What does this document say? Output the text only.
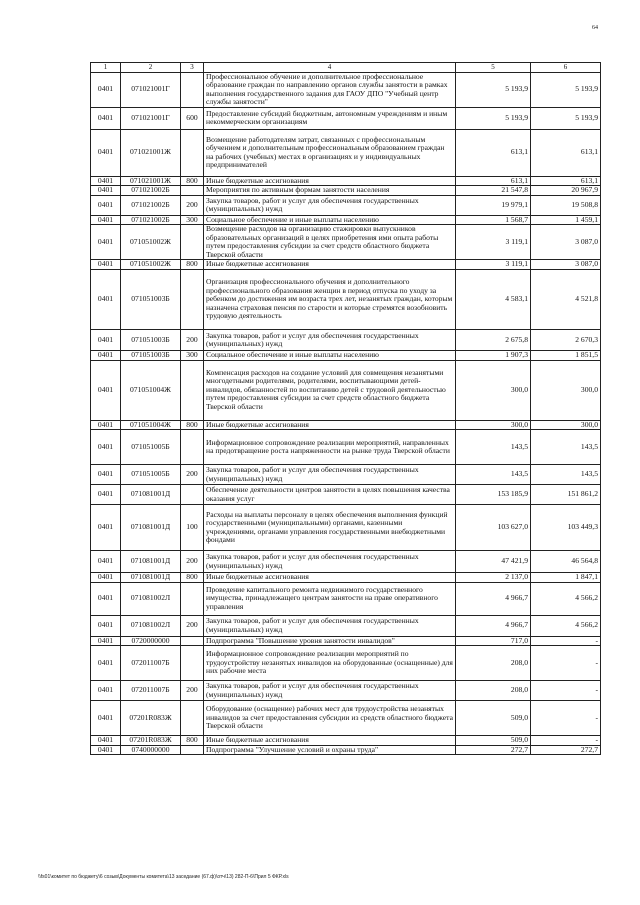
64
1	2	3	4	5	6
0401	071021001Г		Профессиональное обучение и дополнительное профессиональное образование граждан по направлению органов службы занятости в рамках выполнения государственного задания для ГАОУ ДПО "Учебный центр службы занятости"	5 193,9	5 193,9
0401	071021001Г	600	Предоставление субсидий бюджетным, автономным учреждениям и иным некоммерческим организациям	5 193,9	5 193,9
0401	071021001Ж		Возмещение работодателям затрат, связанных с профессиональным обучением и дополнительным профессиональным образованием граждан на рабочих (учебных) местах в организациях и у индивидуальных предпринимателей	613,1	613,1
0401	071021001Ж	800	Иные бюджетные ассигнования	613,1	613,1
0401	071021002Б		Мероприятия по активным формам занятости населения	21 547,8	20 967,9
0401	071021002Б	200	Закупка товаров, работ и услуг для обеспечения государственных (муниципальных) нужд	19 979,1	19 508,8
0401	071021002Б	300	Социальное обеспечение и иные выплаты населению	1 568,7	1 459,1
0401	071051002Ж		Возмещение расходов на организацию стажировки выпускников образовательных организаций в целях приобретения ими опыта работы путем предоставления субсидии за счет средств областного бюджета Тверской области	3 119,1	3 087,0
0401	071051002Ж	800	Иные бюджетные ассигнования	3 119,1	3 087,0
0401	071051003Б		Организация профессионального обучения и дополнительного профессионального образования женщин в период отпуска по уходу за ребенком до достижения им возраста трех лет, незанятых граждан, которым назначена страховая пенсия по старости и которые стремятся возобновить трудовую деятельность	4 583,1	4 521,8
0401	071051003Б	200	Закупка товаров, работ и услуг для обеспечения государственных (муниципальных) нужд	2 675,8	2 670,3
0401	071051003Б	300	Социальное обеспечение и иные выплаты населению	1 907,3	1 851,5
0401	071051004Ж		Компенсация расходов на создание условий для совмещения незанятыми многодетными родителями, родителями, воспитывающими детей-инвалидов, обязанностей по воспитанию детей с трудовой деятельностью путем предоставления субсидии за счет средств областного бюджета Тверской области	300,0	300,0
0401	071051004Ж	800	Иные бюджетные ассигнования	300,0	300,0
0401	071051005Б		Информационное сопровождение реализации мероприятий, направленных на предотвращение роста напряженности на рынке труда Тверской области	143,5	143,5
0401	071051005Б	200	Закупка товаров, работ и услуг для обеспечения государственных (муниципальных) нужд	143,5	143,5
0401	071081001Д		Обеспечение деятельности центров занятости в целях повышения качества оказания услуг	153 185,9	151 861,2
0401	071081001Д	100	Расходы на выплаты персоналу в целях обеспечения выполнения функций государственными (муниципальными) органами, казенными учреждениями, органами управления государственными внебюджетными фондами	103 627,0	103 449,3
0401	071081001Д	200	Закупка товаров, работ и услуг для обеспечения государственных (муниципальных) нужд	47 421,9	46 564,8
0401	071081001Д	800	Иные бюджетные ассигнования	2 137,0	1 847,1
0401	071081002Л		Проведение капитального ремонта недвижимого государственного имущества, принадлежащего центрам занятости на праве оперативного управления	4 966,7	4 566,2
0401	071081002Л	200	Закупка товаров, работ и услуг для обеспечения государственных (муниципальных) нужд	4 966,7	4 566,2
0401	0720000000		Подпрограмма "Повышение уровня занятости инвалидов"	717,0	-
0401	072011007Б		Информационное сопровождение реализации мероприятий по трудоустройству незанятых инвалидов на оборудованные (оснащенные) для них рабочие места	208,0	-
0401	072011007Б	200	Закупка товаров, работ и услуг для обеспечения государственных (муниципальных) нужд	208,0	-
0401	07201R083Ж		Оборудование (оснащение) рабочих мест для трудоустройства незанятых инвалидов за счет предоставления субсидии из средств областного бюджета Тверской области	509,0	-
0401	07201R083Ж	800	Иные бюджетные ассигнования	509,0	-
0401	0740000000		Подпрограмма "Улучшение условий и охраны труда"	272,7	272,7
\\fs01\комитет по бюджету\6 созыв\Документы комитета\13 заседание (67.ф)\отч\13) 282-П-6\Прил 5 ФКР.xls
